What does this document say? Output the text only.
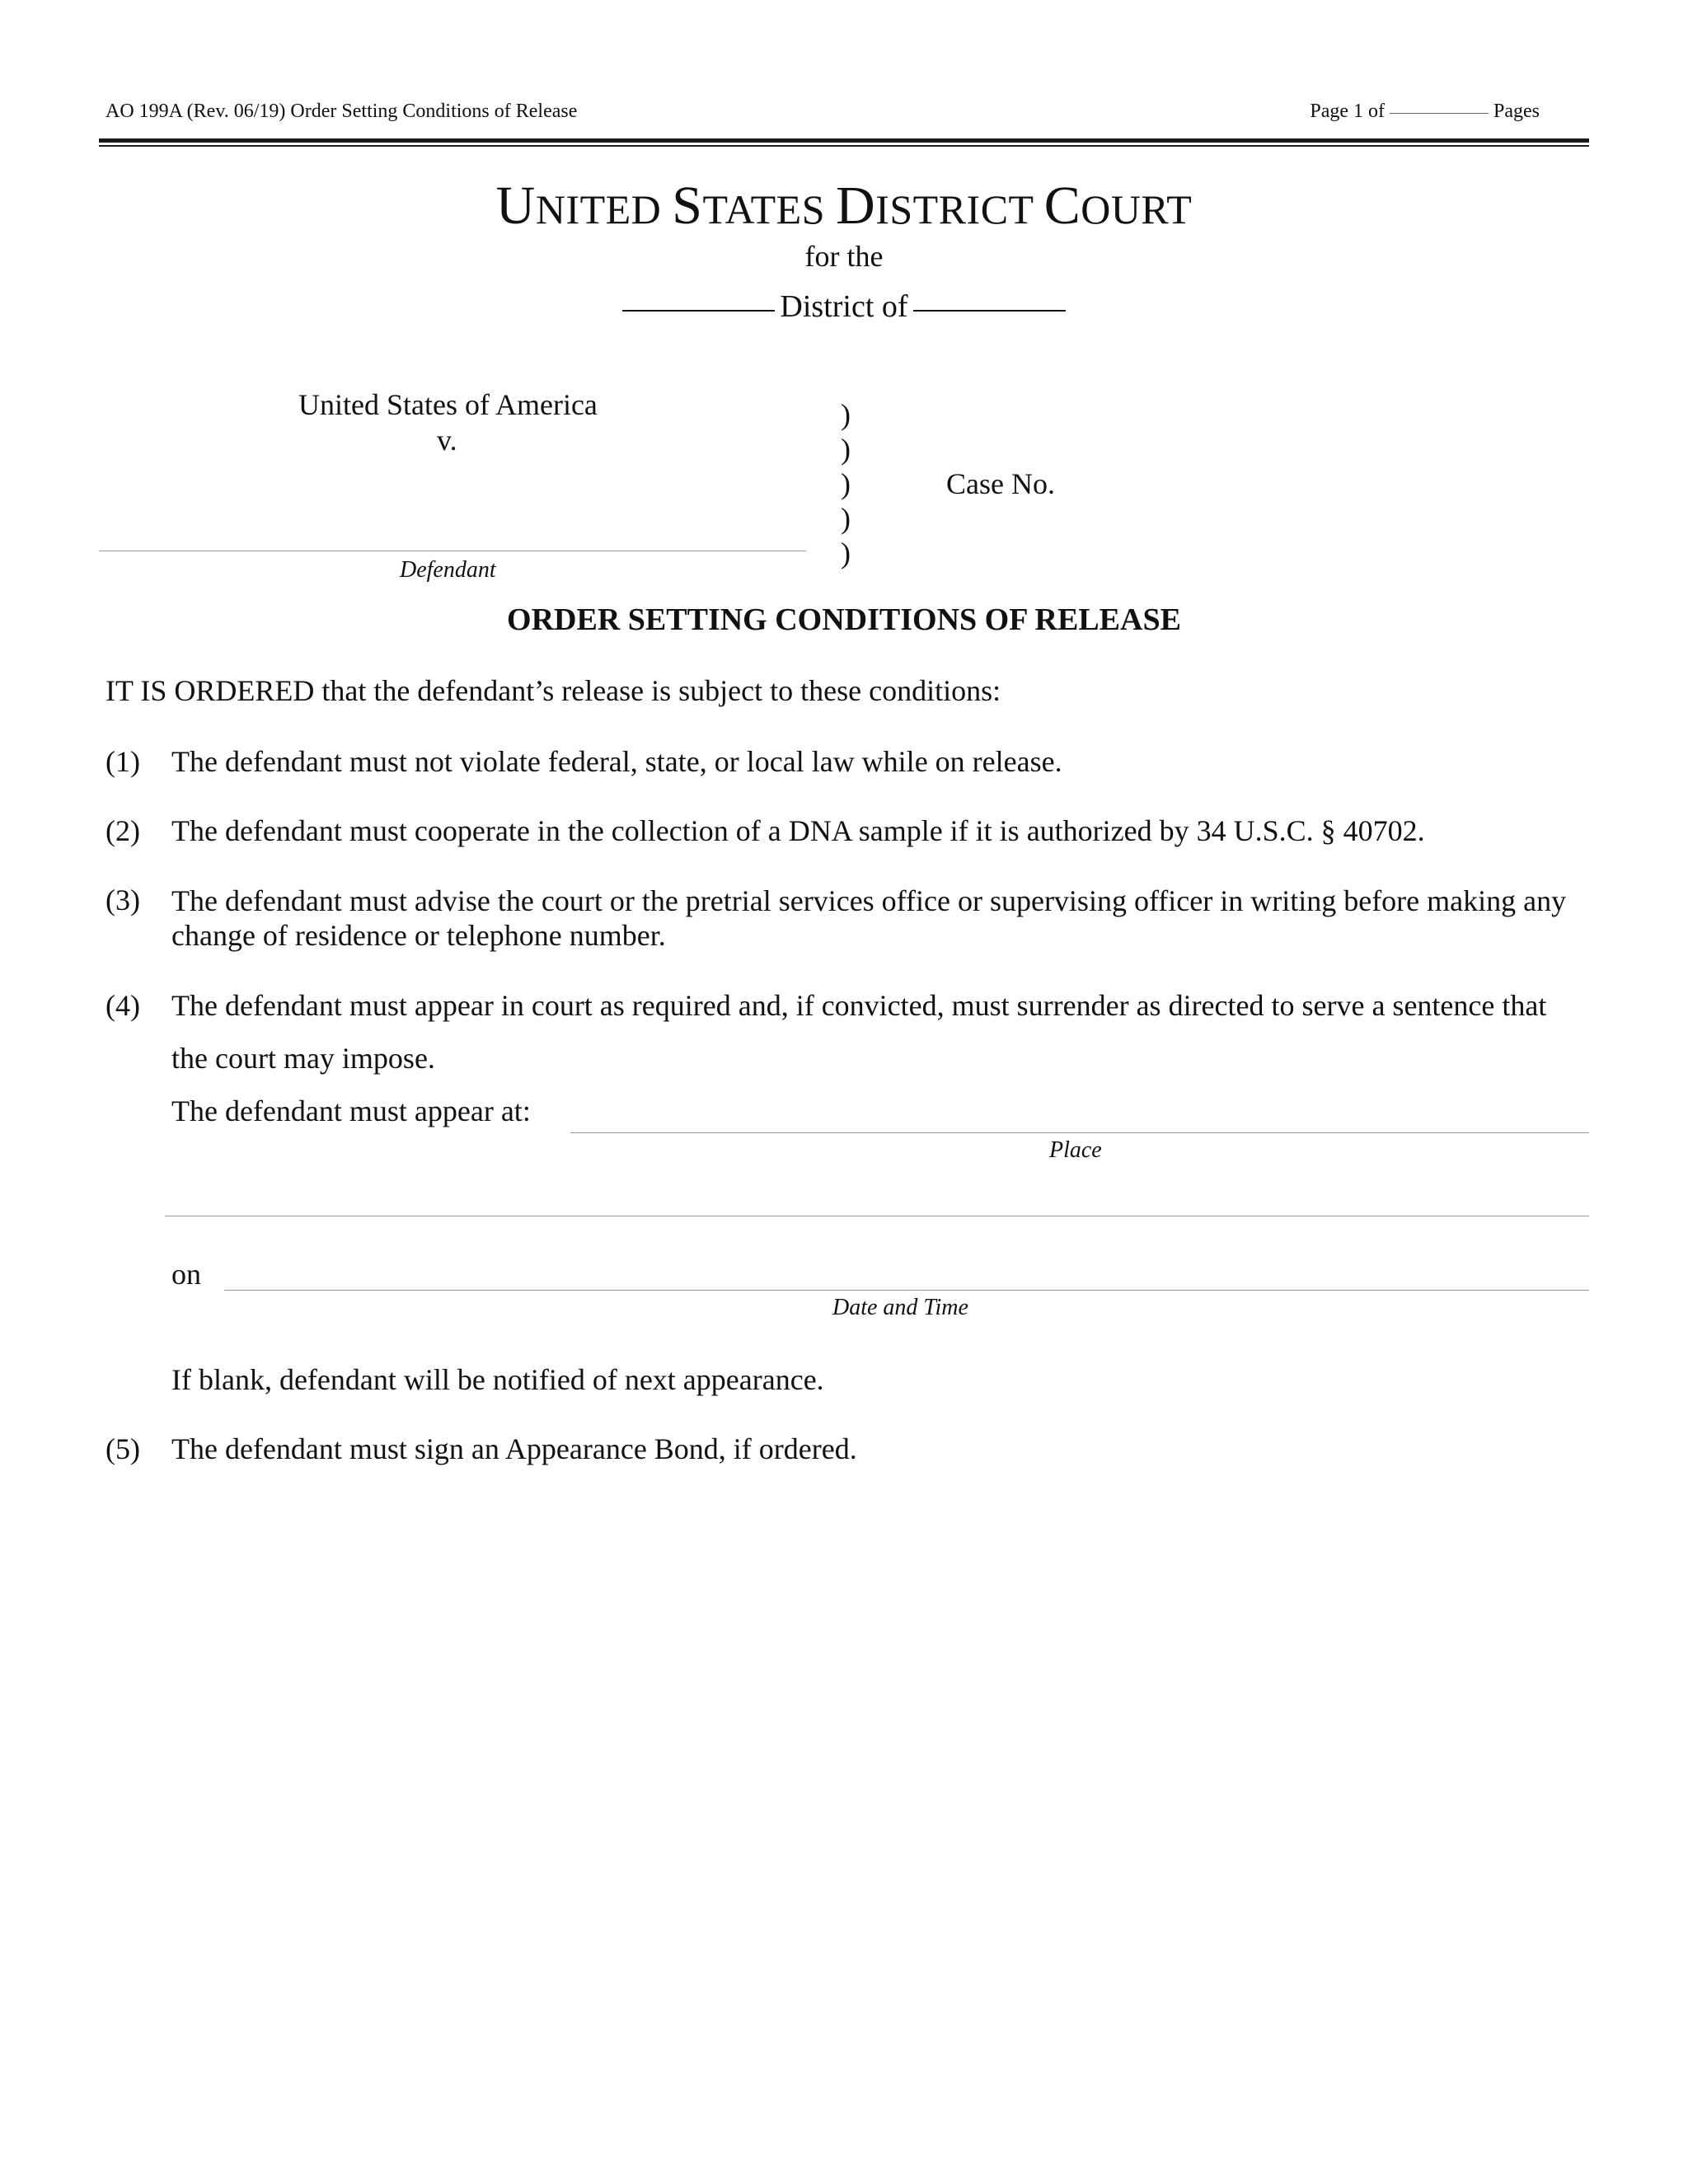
AO 199A (Rev. 06/19) Order Setting Conditions of Release	Page 1 of	Pages
UNITED STATES DISTRICT COURT
for the
District of
United States of America
v.
Defendant
)
)
)
)
)
Case No.
ORDER SETTING CONDITIONS OF RELEASE
IT IS ORDERED that the defendant’s release is subject to these conditions:
(1) The defendant must not violate federal, state, or local law while on release.
(2) The defendant must cooperate in the collection of a DNA sample if it is authorized by 34 U.S.C. § 40702.
(3) The defendant must advise the court or the pretrial services office or supervising officer in writing before making any change of residence or telephone number.
(4) The defendant must appear in court as required and, if convicted, must surrender as directed to serve a sentence that
the court may impose.
The defendant must appear at:
Place
on
Date and Time
If blank, defendant will be notified of next appearance.
(5) The defendant must sign an Appearance Bond, if ordered.
